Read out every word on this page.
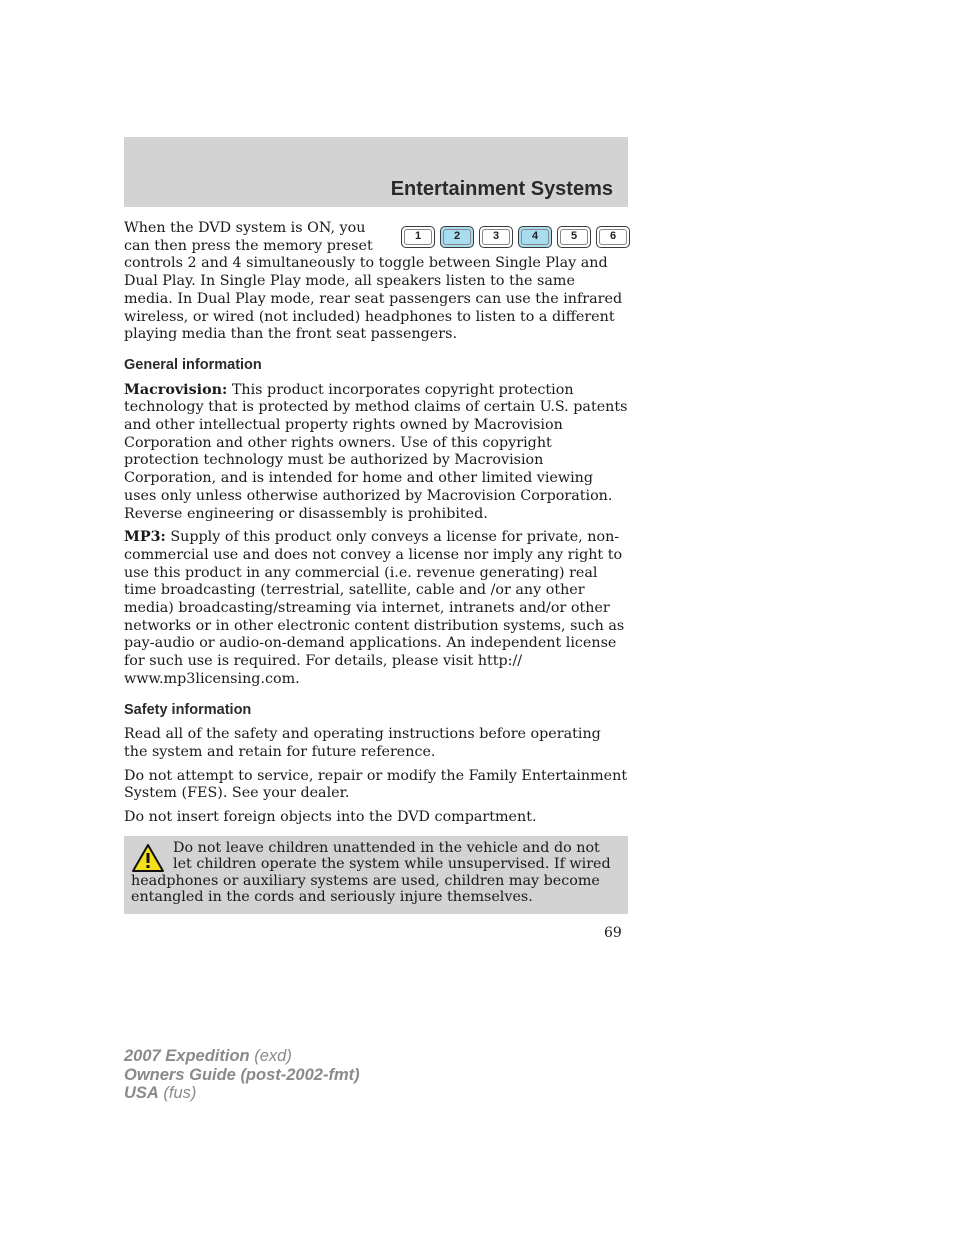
Entertainment Systems
1	2	3	4	5	6

When the DVD system is ON, you can then press the memory preset controls 2 and 4 simultaneously to toggle between Single Play and Dual Play. In Single Play mode, all speakers listen to the same media. In Dual Play mode, rear seat passengers can use the infrared wireless, or wired (not included) headphones to listen to a different playing media than the front seat passengers.

General information

Macrovision: This product incorporates copyright protection technology that is protected by method claims of certain U.S. patents and other intellectual property rights owned by Macrovision Corporation and other rights owners. Use of this copyright protection technology must be authorized by Macrovision Corporation, and is intended for home and other limited viewing uses only unless otherwise authorized by Macrovision Corporation. Reverse engineering or disassembly is prohibited.

MP3: Supply of this product only conveys a license for private, non-commercial use and does not convey a license nor imply any right to use this product in any commercial (i.e. revenue generating) real time broadcasting (terrestrial, satellite, cable and /or any other media) broadcasting/streaming via internet, intranets and/or other networks or in other electronic content distribution systems, such as pay-audio or audio-on-demand applications. An independent license for such use is required. For details, please visit http:// www.mp3licensing.com.

Safety information

Read all of the safety and operating instructions before operating the system and retain for future reference.

Do not attempt to service, repair or modify the Family Entertainment System (FES). See your dealer.

Do not insert foreign objects into the DVD compartment.

Do not leave children unattended in the vehicle and do not let children operate the system while unsupervised. If wired headphones or auxiliary systems are used, children may become entangled in the cords and seriously injure themselves.
69
2007 Expedition (exd)
Owners Guide (post-2002-fmt)
USA (fus)
